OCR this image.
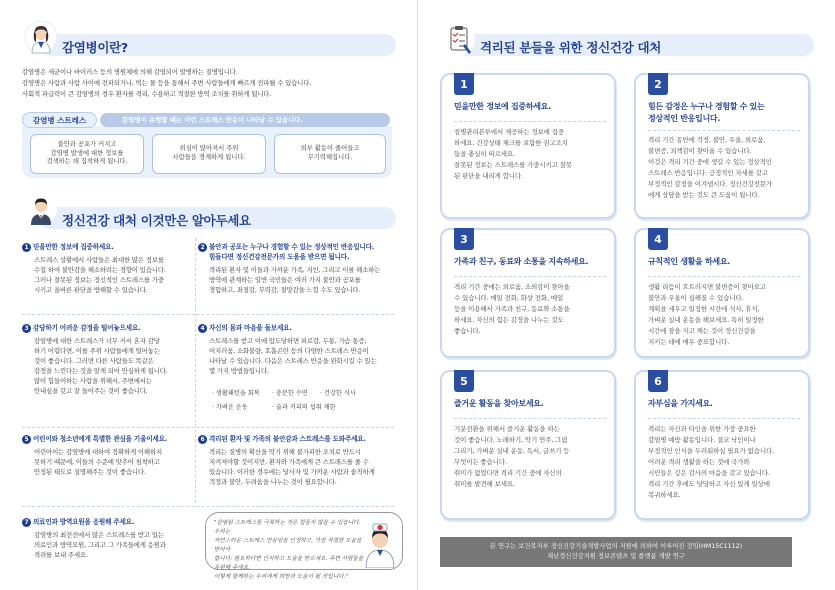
감염병이란?
감염병은 세균이나 바이러스 등의 병원체에 의해 감염되어 발병하는 질병입니다.
감염병은 사람과 사람 사이에 전파되거나, 먹는 물 등을 통해서 주변 사람들에게 빠르게 전파될 수 있습니다.
사회적 파급력이 큰 감염병의 경우 환자를 격리, 수용하고 적절한 방역 조치를 취하게 됩니다.
감염병이 유행할 때는 이런 스트레스 반응이 나타날 수 있습니다.
감염병 스트레스
불안과 공포가 커지고
감염병 발생에 대한 정보를
검색하는 데 집착하게 됩니다.
위심이 많아져서 주위
사람들을 경계하게 됩니다.
외부 활동이 줄어들고
무기력해집니다.
정신건강 대처 이것만은 알아두세요
1 믿을만한 정보에 집중하세요.
스트레스 상황에서 사람들은 최대한 많은 정보를
수집 하여 불안감을 해소하려는 경향이 있습니다.
그러나 잘못된 정보는 정신적인 스트레스를 가중
시키고 올바른 판단을 방해할 수 있습니다.
2 불안과 공포는 누구나 경험할 수 있는 정상적인 반응입니다.
힘들다면 정신건강전문가의 도움을 받으면 됩니다.
격리된 환자 및 이들과 가까운 가족, 지인, 그리고 이를 해소하는
방역에 관계하는 일반 국민들은 여러 가지 불안과 공포를
경험하고, 좌절감, 무력감, 절망감을 느낄 수도 있습니다.
3 감당하기 어려운 감정을 털어놓으세요.
감염병에 대한 스트레스가 너무 커서 혼자 감당
하기 어렵다면, 이를 주위 사람들에게 털어놓는
것이 좋습니다. 그러면 다른 사람들도 똑같은
감정을 느낀다는 것을 알게 되어 안심하게 됩니다.
많이 힘들어하는 사람을 위해서, 주변에서는
안내심을 갖고 잘 들어주는 것이 좋습니다.
4 자신의 몸과 마음을 돌보세요.
스트레스를 받고 이에 압도당하면 피로감, 두통, 가슴 통증,
어지러움, 소화불량, 호흡곤란 등의 다양한 스트레스 반응이
나타날 수 있습니다. 다음은 스트레스 반응을 완화시킬 수 있는
몇 가지 방법들입니다.
· 생활패턴을 회복 · 충분한 수면 · 건강한 식사
· 가벼운 운동	· 술과 커피의 섭취 제한
5 어린이와 청소년에게 특별한 관심을 기울이세요.
어린아이는 감염병에 대하여 정확하게 이해하지
못하기 때문에, 이들의 수준에 맞추어 침착하고
안정된 태도로 설명해주는 것이 좋습니다.
6 격리된 환자 및 가족의 불안감과 스트레스를 도와주세요.
격리는 질병의 확산을 막기 위해 불가피한 조치로 반드시
지켜져야할 것이지만, 환자와 가족에게 큰 스트레스를 줄 수
있습니다. 이러한 경우에는 당사자 및 가까운 사람과 솔직하게
걱정과 불안, 두려움을 나누는 것이 필요합니다.
7 의료인과 방역요원을 응원해 주세요.
감염병의 최전선에서 많은 스트레스를 받고 있는
의료인과 방역요원, 그리고 그 가족들에게 응원과
격려를 보내 주세요.

"감염된 스트레스를 극복하는 것은 힘들지 않을 수 있습니다. 우리는
자연스러운 스트레스 반응임을 인정하고, 가장 적절한 도움을 받아야
합니다. 필요하다면 인지하고 도움을 받으세요. 주변 사람들을 응원해 주세요.
이렇게 함께하는 우리에게 희망과 도움이 될 것입니다."

격리된 분들을 위한 정신건강 대처
1
믿을만한 정보에 집중하세요.
질병관리본부에서 제공하는 정보에 집중
하세요. 건강상태 체크를 포함한 권고조치
들을 충실히 따르세요.
잘못된 정보는 스트레스를 가중시키고 잘못
된 판단을 내리게 합니다.
2
힘든 감정은 누구나 경험할 수 있는
정상적인 반응입니다.
격리 기간 동안에 걱정, 불안, 우울, 외로움,
불면증, 죄책감이 찾아올 수 있습니다.
이것은 격리 기간 중에 생길 수 있는 정상적인
스트레스 반응입니다. 긍정적인 자세를 갖고
부정적인 감정을 이겨냅시다. 정신건강전문가
에게 상담을 받는 것도 큰 도움이 됩니다.
3
가족과 친구, 동료와 소통을 지속하세요.
격리 기간 중에는 외로움, 소외감이 찾아올
수 있습니다. 매일 전화, 화상 전화, 메일
등을 이용해서 가족과 친구, 동료와 소통을
하세요. 자신의 힘든 감정을 나누는 것도
좋습니다.
4
규칙적인 생활을 하세요.
생활 리듬이 흐트러지면 불면증이 찾아오고
불안과 우울이 심해질 수 있습니다.
계획을 세우고 일정한 시간에 식사, 휴식,
가벼운 실내 운동을 해보세요. 특히 일정한
시간에 잠을 자고 깨는 것이 정신건강을
지키는 데에 매우 중요합니다.
5
즐거운 활동을 찾아보세요.
기분전환을 위해서 즐거운 활동을 하는
것이 좋습니다. 노래하기, 악기 연주, 그림
그리기, 가벼운 실내 운동, 독서, 글쓰기 등
무엇이든 좋습니다.
취미가 없었다면 격리 기간 중에 자신의
취미를 발견해 보세요.
6
자부심을 가지세요.
격리는 자신과 타인을 위한 가장 중요한
감염병 예방 활동입니다. 결코 낙인이나
부정적인 인식을 두려워하실 필요가 없습니다.
어려운 격리 생활을 하는 것에 국가와
시민들은 깊은 감사의 마음을 갖고 있습니다.
격리 기간 후에도 당당하고 자신 있게 일상에
복귀하세요.
본 연구는 보건복지부 정신건강기술개발사업의 지원에 의하여 이루어진 것임(HM15C1112)
재난정신건강지원 정보콘텐츠 및 플랫폼 개발 연구
